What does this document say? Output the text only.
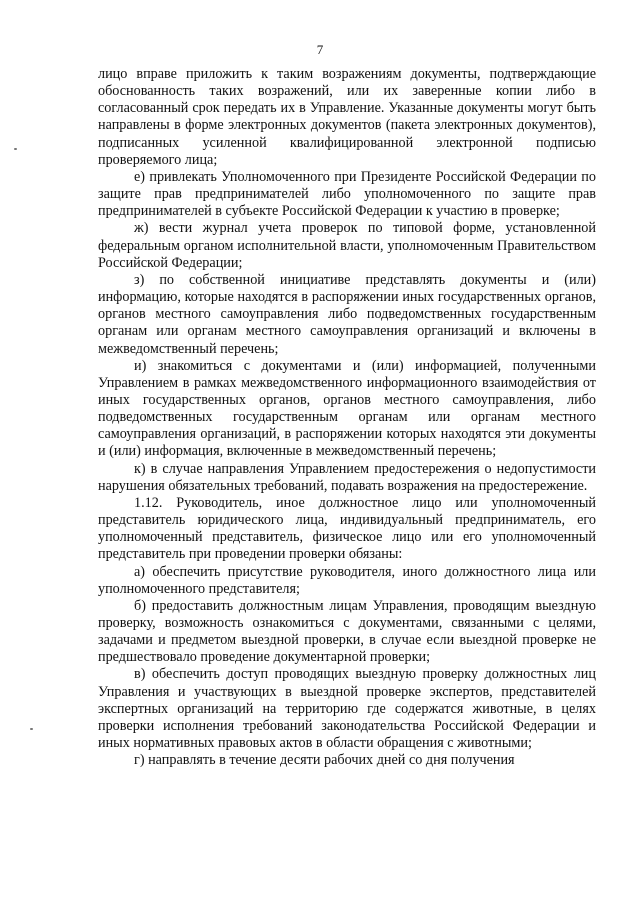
7

лицо вправе приложить к таким возражениям документы, подтверждающие обоснованность таких возражений, или их заверенные копии либо в согласованный срок передать их в Управление. Указанные документы могут быть направлены в форме электронных документов (пакета электронных документов), подписанных усиленной квалифицированной электронной подписью проверяемого лица;

е) привлекать Уполномоченного при Президенте Российской Федерации по защите прав предпринимателей либо уполномоченного по защите прав предпринимателей в субъекте Российской Федерации к участию в проверке;

ж) вести журнал учета проверок по типовой форме, установленной федеральным органом исполнительной власти, уполномоченным Правительством Российской Федерации;

з) по собственной инициативе представлять документы и (или) информацию, которые находятся в распоряжении иных государственных органов, органов местного самоуправления либо подведомственных государственным органам или органам местного самоуправления организаций и включены в межведомственный перечень;

и) знакомиться с документами и (или) информацией, полученными Управлением в рамках межведомственного информационного взаимодействия от иных государственных органов, органов местного самоуправления, либо подведомственных государственным органам или органам местного самоуправления организаций, в распоряжении которых находятся эти документы и (или) информация, включенные в межведомственный перечень;

к) в случае направления Управлением предостережения о недопустимости нарушения обязательных требований, подавать возражения на предостережение.

1.12. Руководитель, иное должностное лицо или уполномоченный представитель юридического лица, индивидуальный предприниматель, его уполномоченный представитель, физическое лицо или его уполномоченный представитель при проведении проверки обязаны:

а) обеспечить присутствие руководителя, иного должностного лица или уполномоченного представителя;

б) предоставить должностным лицам Управления, проводящим выездную проверку, возможность ознакомиться с документами, связанными с целями, задачами и предметом выездной проверки, в случае если выездной проверке не предшествовало проведение документарной проверки;

в) обеспечить доступ проводящих выездную проверку должностных лиц Управления и участвующих в выездной проверке экспертов, представителей экспертных организаций на территорию где содержатся животные, в целях проверки исполнения требований законодательства Российской Федерации и иных нормативных правовых актов в области обращения с животными;

г) направлять в течение десяти рабочих дней со дня получения
